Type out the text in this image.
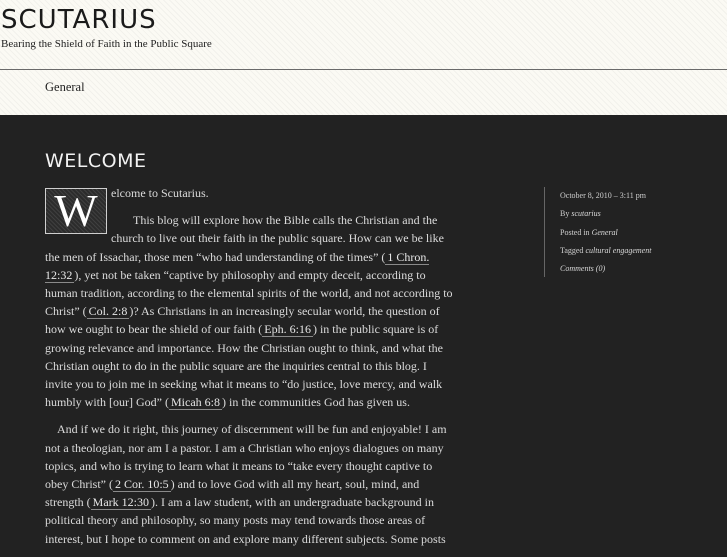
SCUTARIUS
Bearing the Shield of Faith in the Public Square
General
WELCOME

W	elcome to Scutarius.

This blog will explore how the Bible calls the Christian and the church to live out their faith in the public square. How can we be like the men of Issachar, those men “who had understanding of the times” ( 1 Chron. 12:32 ), yet not be taken “captive by philosophy and empty deceit, according to human tradition, according to the elemental spirits of the world, and not according to Christ” ( Col. 2:8 )? As Christians in an increasingly secular world, the question of how we ought to bear the shield of our faith ( Eph. 6:16 ) in the public square is of growing relevance and importance. How the Christian ought to think, and what the Christian ought to do in the public square are the inquiries central to this blog. I invite you to join me in seeking what it means to “do justice, love mercy, and walk humbly with [our] God” ( Micah 6:8 ) in the communities God has given us.

And if we do it right, this journey of discernment will be fun and enjoyable! I am not a theologian, nor am I a pastor. I am a Christian who enjoys dialogues on many topics, and who is trying to learn what it means to “take every thought captive to obey Christ” ( 2 Cor. 10:5 ) and to love God with all my heart, soul, mind, and strength ( Mark 12:30 ). I am a law student, with an undergraduate background in political theory and philosophy, so many posts may tend towards those areas of interest, but I hope to comment on and explore many different subjects. Some posts

October 8, 2010 – 3:11 pm
By scutarius
Posted in General
Tagged cultural engagement
Comments (0)
